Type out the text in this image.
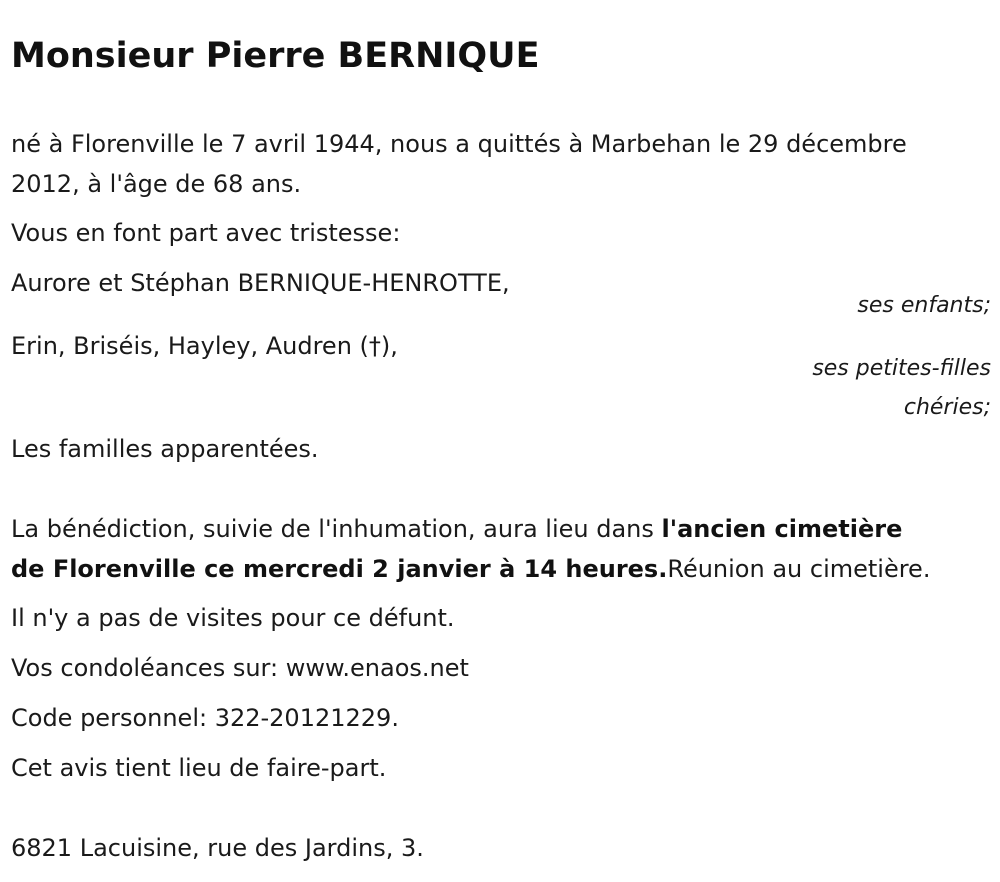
Monsieur Pierre BERNIQUE

né à Florenville le 7 avril 1944, nous a quittés à Marbehan le 29 décembre

2012, à l'âge de 68 ans.

Vous en font part avec tristesse:

Aurore et Stéphan BERNIQUE-HENROTTE,

ses enfants;

Erin, Briséis, Hayley, Audren (†),

ses petites-filles
chéries;

Les familles apparentées.

La bénédiction, suivie de l'inhumation, aura lieu dans l'ancien cimetière

de Florenville ce mercredi 2 janvier à 14 heures.Réunion au cimetière.

Il n'y a pas de visites pour ce défunt.

Vos condoléances sur: www.enaos.net

Code personnel: 322-20121229.

Cet avis tient lieu de faire-part.

6821 Lacuisine, rue des Jardins, 3.
